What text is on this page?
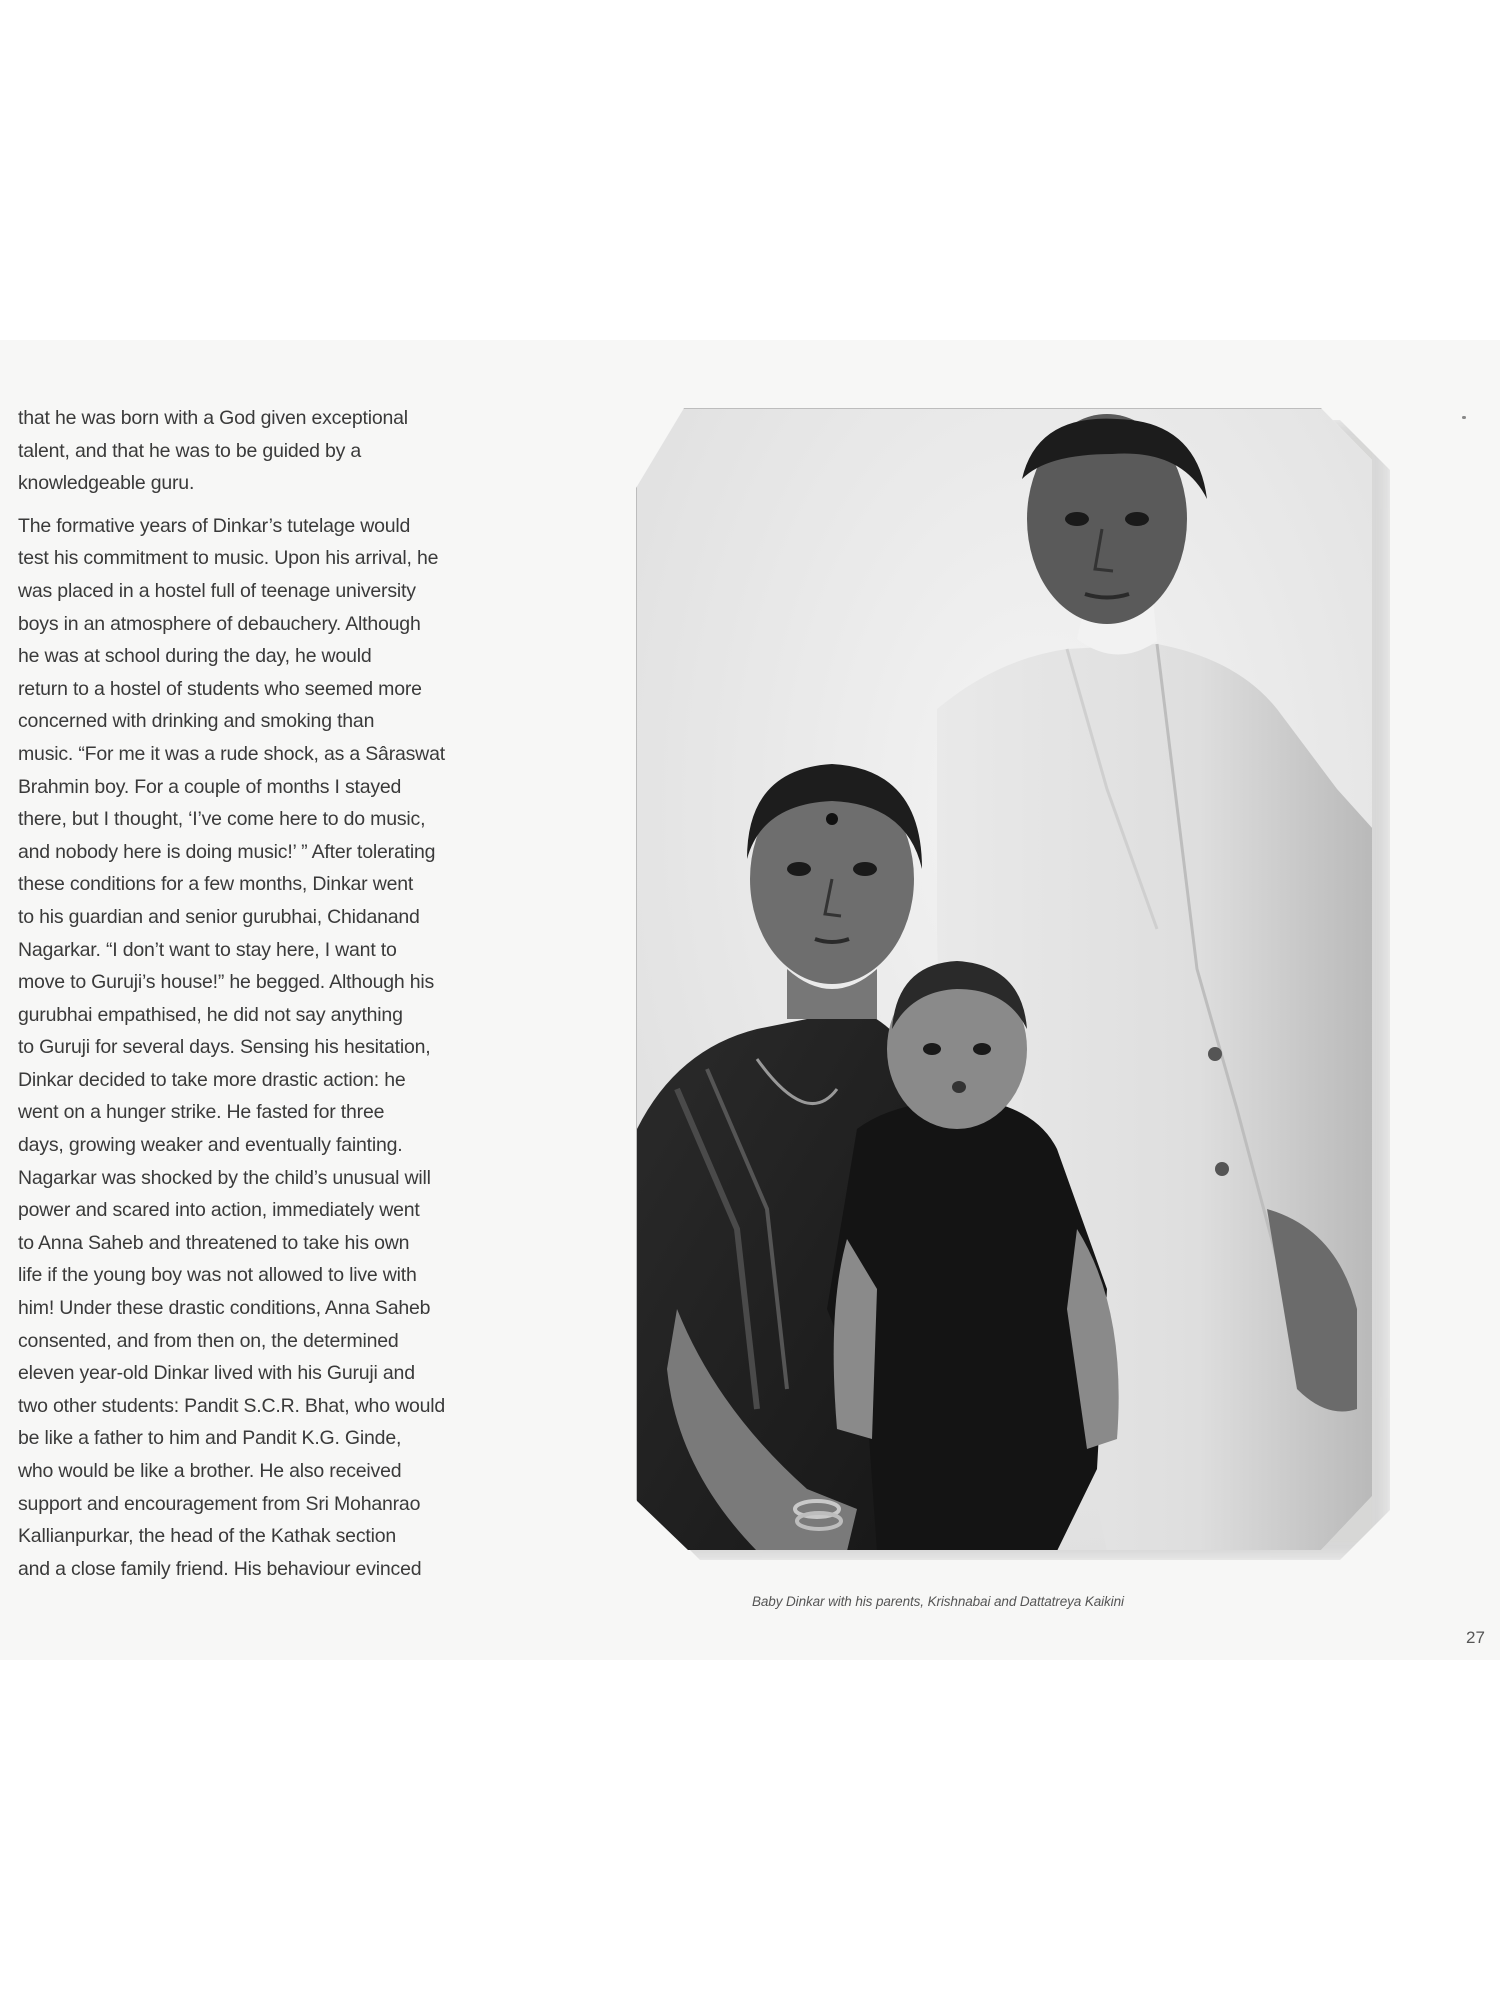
that he was born with a God given exceptional
talent, and that he was to be guided by a
knowledgeable guru.

The formative years of Dinkar’s tutelage would
test his commitment to music. Upon his arrival, he
was placed in a hostel full of teenage university
boys in an atmosphere of debauchery. Although
he was at school during the day, he would
return to a hostel of students who seemed more
concerned with drinking and smoking than
music. “For me it was a rude shock, as a Sâraswat
Brahmin boy. For a couple of months I stayed
there, but I thought, ‘I’ve come here to do music,
and nobody here is doing music!’ ” After tolerating
these conditions for a few months, Dinkar went
to his guardian and senior gurubhai, Chidanand
Nagarkar. “I don’t want to stay here, I want to
move to Guruji’s house!” he begged. Although his
gurubhai empathised, he did not say anything
to Guruji for several days. Sensing his hesitation,
Dinkar decided to take more drastic action: he
went on a hunger strike. He fasted for three
days, growing weaker and eventually fainting.
Nagarkar was shocked by the child’s unusual will
power and scared into action, immediately went
to Anna Saheb and threatened to take his own
life if the young boy was not allowed to live with
him! Under these drastic conditions, Anna Saheb
consented, and from then on, the determined
eleven year-old Dinkar lived with his Guruji and
two other students: Pandit S.C.R. Bhat, who would
be like a father to him and Pandit K.G. Ginde,
who would be like a brother. He also received
support and encouragement from Sri Mohanrao
Kallianpurkar, the head of the Kathak section
and a close family friend. His behaviour evinced

Baby Dinkar with his parents, Krishnabai and Dattatreya Kaikini
27
